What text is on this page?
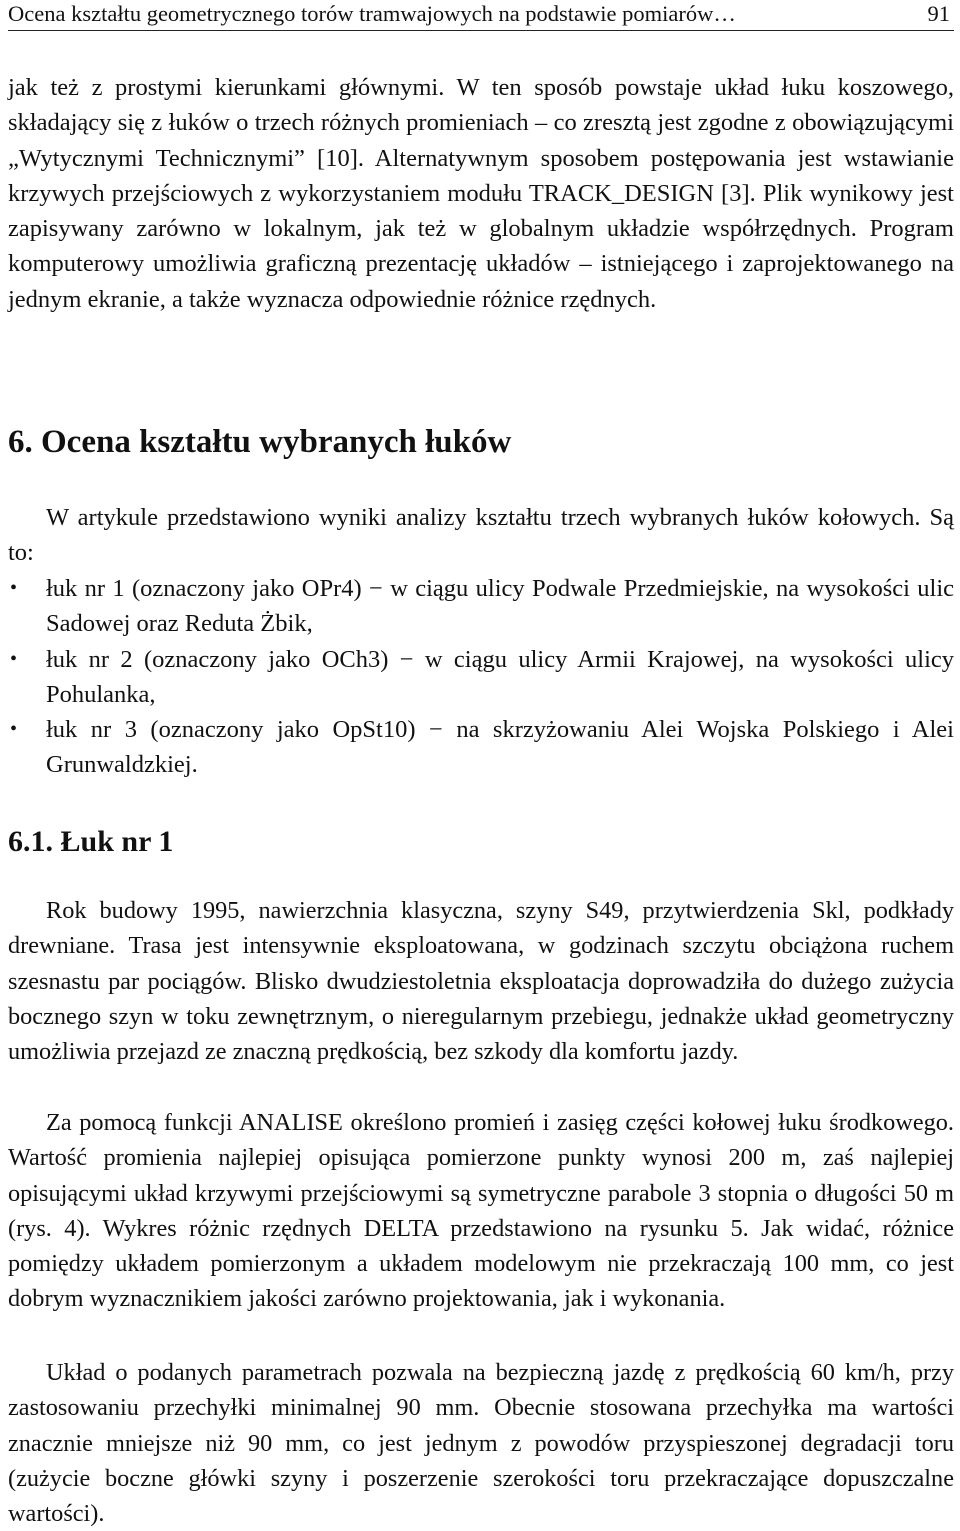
Ocena kształtu geometrycznego torów tramwajowych na podstawie pomiarów…	91

jak też z prostymi kierunkami głównymi. W ten sposób powstaje układ łuku koszowego, składający się z łuków o trzech różnych promieniach – co zresztą jest zgodne z obowiązującymi „Wytycznymi Technicznymi” [10]. Alternatywnym sposobem postępowania jest wstawianie krzywych przejściowych z wykorzystaniem modułu TRACK_DESIGN [3]. Plik wynikowy jest zapisywany zarówno w lokalnym, jak też w globalnym układzie współrzędnych. Program komputerowy umożliwia graficzną prezentację układów – istniejącego i zaprojektowanego na jednym ekranie, a także wyznacza odpowiednie różnice rzędnych.

6. Ocena kształtu wybranych łuków

W artykule przedstawiono wyniki analizy kształtu trzech wybranych łuków kołowych. Są to:

• łuk nr 1 (oznaczony jako OPr4) − w ciągu ulicy Podwale Przedmiejskie, na wysokości ulic Sadowej oraz Reduta Żbik,
• łuk nr 2 (oznaczony jako OCh3) − w ciągu ulicy Armii Krajowej, na wysokości ulicy Pohulanka,
• łuk nr 3 (oznaczony jako OpSt10) − na skrzyżowaniu Alei Wojska Polskiego i Alei Grunwaldzkiej.
6.1. Łuk nr 1

Rok budowy 1995, nawierzchnia klasyczna, szyny S49, przytwierdzenia Skl, podkłady drewniane. Trasa jest intensywnie eksploatowana, w godzinach szczytu obciążona ruchem szesnastu par pociągów. Blisko dwudziestoletnia eksploatacja doprowadziła do dużego zużycia bocznego szyn w toku zewnętrznym, o nieregularnym przebiegu, jednakże układ geometryczny umożliwia przejazd ze znaczną prędkością, bez szkody dla komfortu jazdy.

Za pomocą funkcji ANALISE określono promień i zasięg części kołowej łuku środkowego. Wartość promienia najlepiej opisująca pomierzone punkty wynosi 200 m, zaś najlepiej opisującymi układ krzywymi przejściowymi są symetryczne parabole 3 stopnia o długości 50 m (rys. 4). Wykres różnic rzędnych DELTA przedstawiono na rysunku 5. Jak widać, różnice pomiędzy układem pomierzonym a układem modelowym nie przekraczają 100 mm, co jest dobrym wyznacznikiem jakości zarówno projektowania, jak i wykonania.

Układ o podanych parametrach pozwala na bezpieczną jazdę z prędkością 60 km/h, przy zastosowaniu przechyłki minimalnej 90 mm. Obecnie stosowana przechyłka ma wartości znacznie mniejsze niż 90 mm, co jest jednym z powodów przyspieszonej degradacji toru (zużycie boczne główki szyny i poszerzenie szerokości toru przekraczające dopuszczalne wartości).
